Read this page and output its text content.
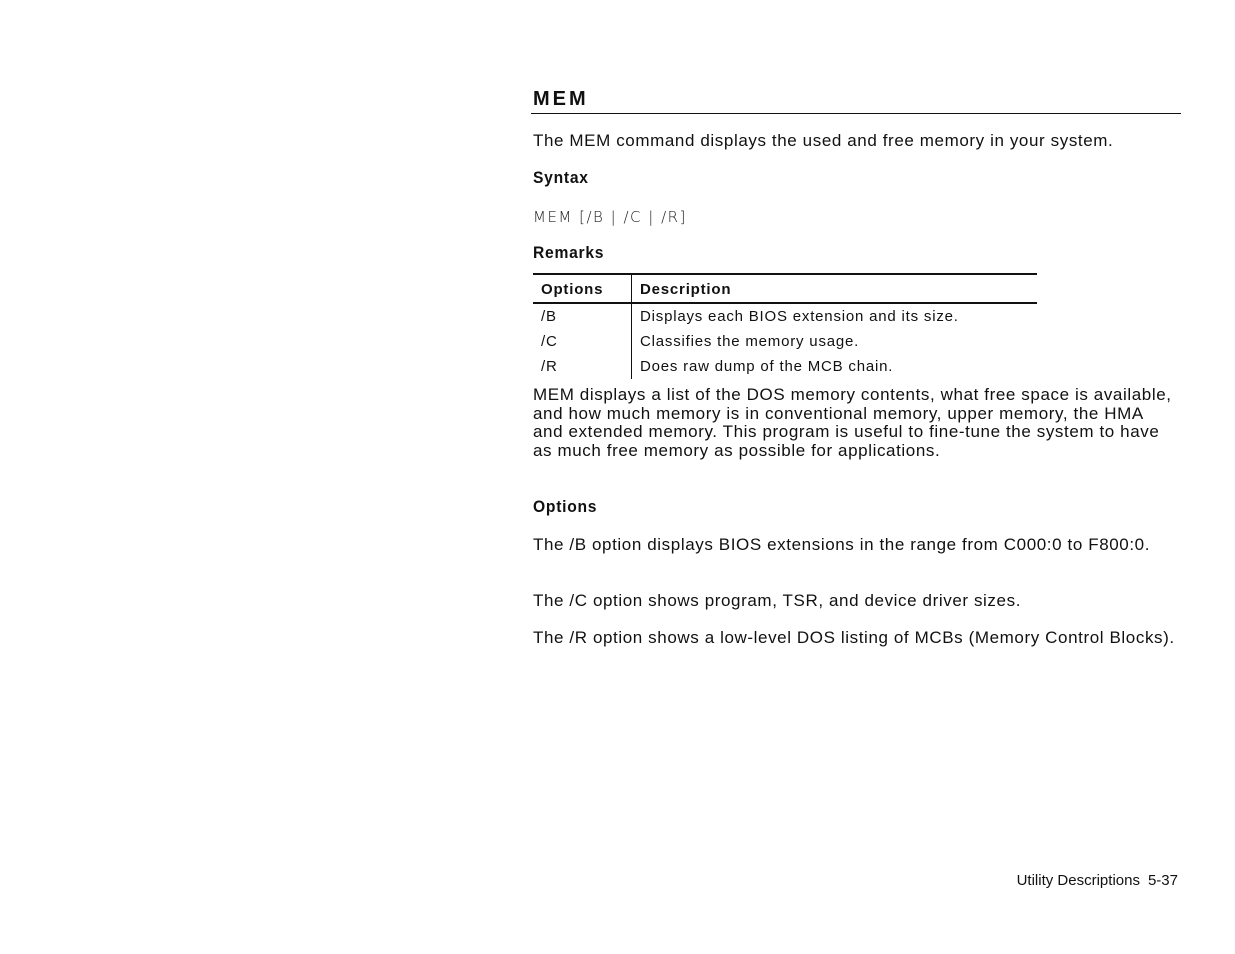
MEM

The MEM command displays the used and free memory in your system.

Syntax

MEM [/B | /C | /R]

Remarks
Options	Description
/B	Displays each BIOS extension and its size.
/C	Classifies the memory usage.
/R	Does raw dump of the MCB chain.

MEM displays a list of the DOS memory contents, what free space is available, and how much memory is in conventional memory, upper memory, the HMA and extended memory. This program is useful to fine-tune the system to have as much free memory as possible for applications.

Options

The /B option displays BIOS extensions in the range from C000:0 to F800:0.

The /C option shows program, TSR, and device driver sizes.

The /R option shows a low-level DOS listing of MCBs (Memory Control Blocks).

Utility Descriptions 5-37
